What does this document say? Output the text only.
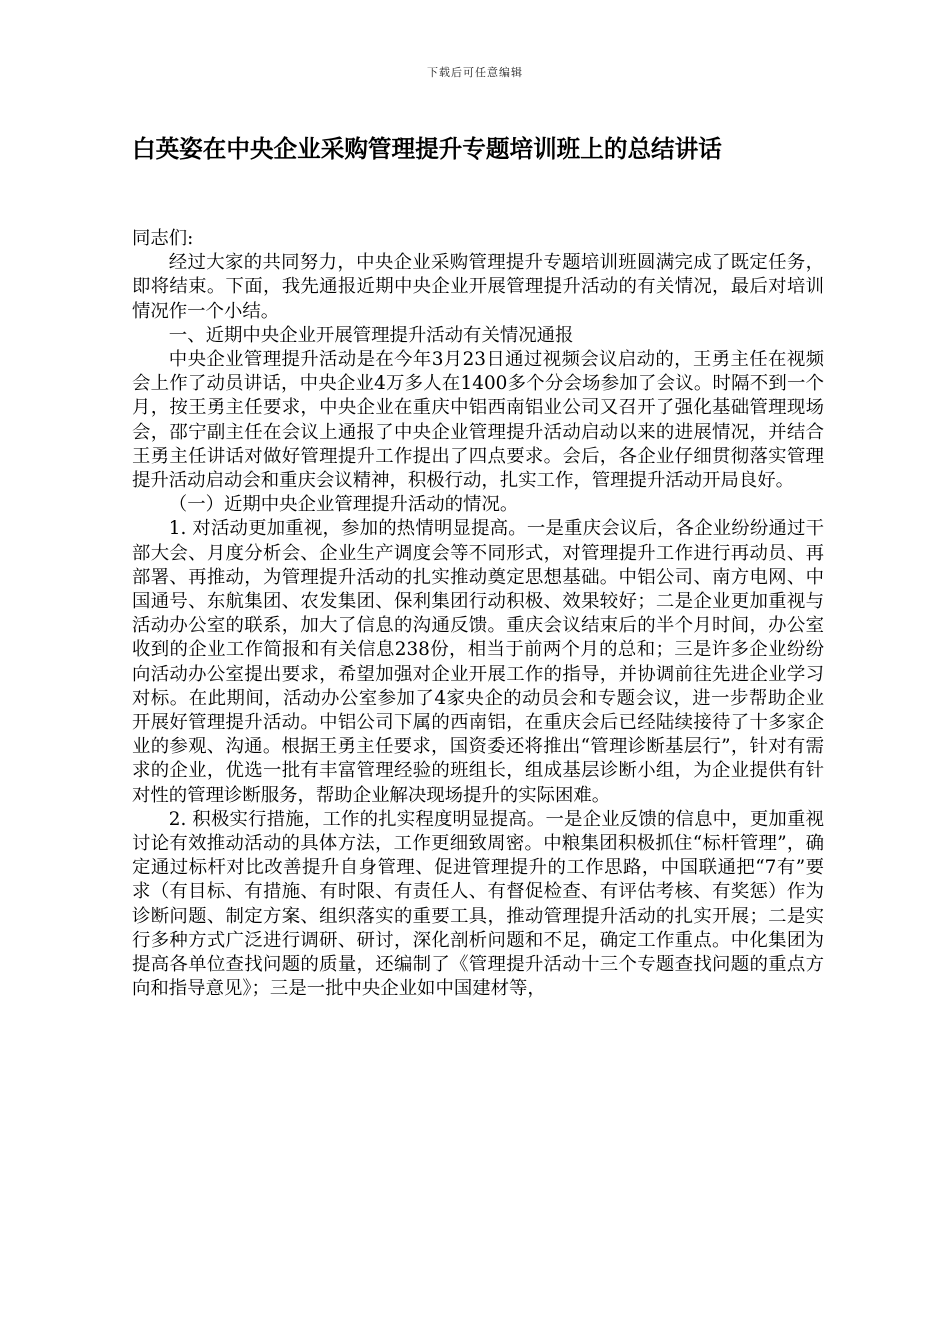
下载后可任意编辑
白英姿在中央企业采购管理提升专题培训班上的总结讲话

同志们:

经过大家的共同努力，中央企业采购管理提升专题培训班圆满完成了既定任务，即将结束。下面，我先通报近期中央企业开展管理提升活动的有关情况，最后对培训情况作一个小结。

一、近期中央企业开展管理提升活动有关情况通报

中央企业管理提升活动是在今年3月23日通过视频会议启动的，王勇主任在视频会上作了动员讲话，中央企业4万多人在1400多个分会场参加了会议。时隔不到一个月，按王勇主任要求，中央企业在重庆中铝西南铝业公司又召开了强化基础管理现场会，邵宁副主任在会议上通报了中央企业管理提升活动启动以来的进展情况，并结合王勇主任讲话对做好管理提升工作提出了四点要求。会后，各企业仔细贯彻落实管理提升活动启动会和重庆会议精神，积极行动，扎实工作，管理提升活动开局良好。

（一）近期中央企业管理提升活动的情况。

1. 对活动更加重视，参加的热情明显提高。一是重庆会议后，各企业纷纷通过干部大会、月度分析会、企业生产调度会等不同形式，对管理提升工作进行再动员、再部署、再推动，为管理提升活动的扎实推动奠定思想基础。中铝公司、南方电网、中国通号、东航集团、农发集团、保利集团行动积极、效果较好；二是企业更加重视与活动办公室的联系，加大了信息的沟通反馈。重庆会议结束后的半个月时间，办公室收到的企业工作简报和有关信息238份，相当于前两个月的总和；三是许多企业纷纷向活动办公室提出要求，希望加强对企业开展工作的指导，并协调前往先进企业学习对标。在此期间，活动办公室参加了4家央企的动员会和专题会议，进一步帮助企业开展好管理提升活动。中铝公司下属的西南铝，在重庆会后已经陆续接待了十多家企业的参观、沟通。根据王勇主任要求，国资委还将推出“管理诊断基层行”，针对有需求的企业，优选一批有丰富管理经验的班组长，组成基层诊断小组，为企业提供有针对性的管理诊断服务，帮助企业解决现场提升的实际困难。

2. 积极实行措施，工作的扎实程度明显提高。一是企业反馈的信息中，更加重视讨论有效推动活动的具体方法，工作更细致周密。中粮集团积极抓住“标杆管理”，确定通过标杆对比改善提升自身管理、促进管理提升的工作思路，中国联通把“7有”要求（有目标、有措施、有时限、有责任人、有督促检查、有评估考核、有奖惩）作为诊断问题、制定方案、组织落实的重要工具，推动管理提升活动的扎实开展；二是实行多种方式广泛进行调研、研讨，深化剖析问题和不足，确定工作重点。中化集团为提高各单位查找问题的质量，还编制了《管理提升活动十三个专题查找问题的重点方向和指导意见》；三是一批中央企业如中国建材等，
